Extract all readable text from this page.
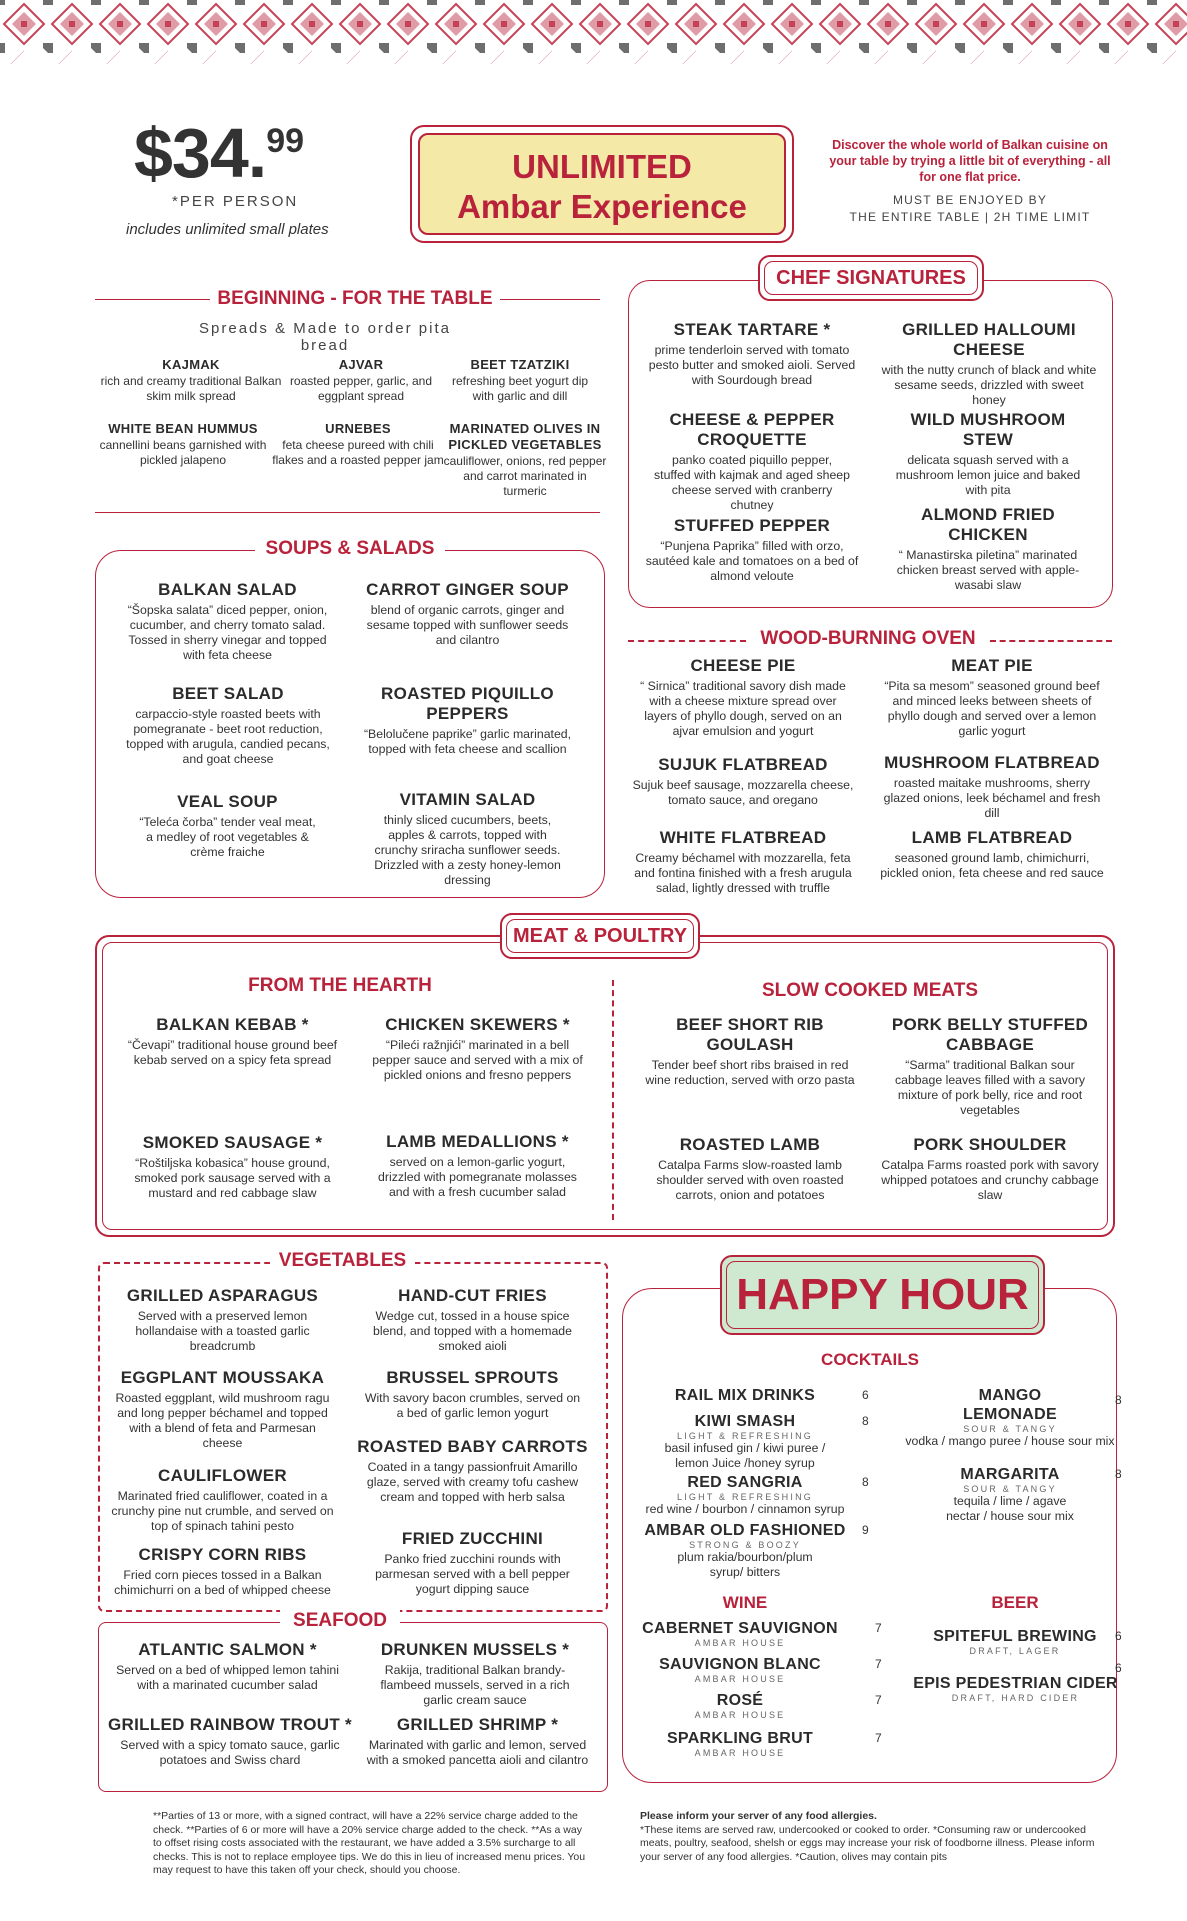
$34.99
*PER PERSON
includes unlimited small plates
UNLIMITED
Ambar Experience
Discover the whole world of Balkan cuisine on your table by trying a little bit of everything - all for one flat price.
MUST BE ENJOYED BY
THE ENTIRE TABLE | 2H TIME LIMIT
BEGINNING - FOR THE TABLE
Spreads & Made to order pita bread
KAJMAK
rich and creamy traditional Balkan skim milk spread
AJVAR
roasted pepper, garlic, and eggplant spread
BEET TZATZIKI
refreshing beet yogurt dip with garlic and dill
WHITE BEAN HUMMUS
cannellini beans garnished with pickled jalapeno
URNEBES
feta cheese pureed with chili flakes and a roasted pepper jam
MARINATED OLIVES IN PICKLED VEGETABLES
cauliflower, onions, red pepper and carrot marinated in turmeric
CHEF SIGNATURES
STEAK TARTARE *
prime tenderloin served with tomato pesto butter and smoked aioli. Served with Sourdough bread
GRILLED HALLOUMI CHEESE
with the nutty crunch of black and white sesame seeds, drizzled with sweet honey
CHEESE & PEPPER CROQUETTE
panko coated piquillo pepper, stuffed with kajmak and aged sheep cheese served with cranberry chutney
WILD MUSHROOM STEW
delicata squash served with a mushroom lemon juice and baked with pita
STUFFED PEPPER
“Punjena Paprika” filled with orzo, sautéed kale and tomatoes on a bed of almond veloute
ALMOND FRIED CHICKEN
“ Manastirska piletina” marinated chicken breast served with apple-wasabi slaw
SOUPS & SALADS
BALKAN SALAD
“Šopska salata” diced pepper, onion, cucumber, and cherry tomato salad. Tossed in sherry vinegar and topped with feta cheese
CARROT GINGER SOUP
blend of organic carrots, ginger and sesame topped with sunflower seeds and cilantro
BEET SALAD
carpaccio-style roasted beets with pomegranate - beet root reduction, topped with arugula, candied pecans, and goat cheese
ROASTED PIQUILLO PEPPERS
“Belolučene paprike” garlic marinated, topped with feta cheese and scallion
VEAL SOUP
“Teleća čorba” tender veal meat, a medley of root vegetables & crème fraiche
VITAMIN SALAD
thinly sliced cucumbers, beets, apples & carrots, topped with crunchy sriracha sunflower seeds. Drizzled with a zesty honey-lemon dressing
WOOD-BURNING OVEN
CHEESE PIE
“ Sirnica” traditional savory dish made with a cheese mixture spread over layers of phyllo dough, served on an ajvar emulsion and yogurt
MEAT PIE
“Pita sa mesom” seasoned ground beef and minced leeks between sheets of phyllo dough and served over a lemon garlic yogurt
SUJUK FLATBREAD
Sujuk beef sausage, mozzarella cheese, tomato sauce, and oregano
MUSHROOM FLATBREAD
roasted maitake mushrooms, sherry glazed onions, leek béchamel and fresh dill
WHITE FLATBREAD
Creamy béchamel with mozzarella, feta and fontina finished with a fresh arugula salad, lightly dressed with truffle
LAMB FLATBREAD
seasoned ground lamb, chimichurri, pickled onion, feta cheese and red sauce
MEAT & POULTRY
FROM THE HEARTH	SLOW COOKED MEATS
BALKAN KEBAB *
“Čevapi” traditional house ground beef kebab served on a spicy feta spread
CHICKEN SKEWERS *
“Pileći ražnjići” marinated in a bell pepper sauce and served with a mix of pickled onions and fresno peppers
SMOKED SAUSAGE *
“Roštiljska kobasica” house ground, smoked pork sausage served with a mustard and red cabbage slaw
LAMB MEDALLIONS *
served on a lemon-garlic yogurt, drizzled with pomegranate molasses and with a fresh cucumber salad
BEEF SHORT RIB GOULASH
Tender beef short ribs braised in red wine reduction, served with orzo pasta
PORK BELLY STUFFED CABBAGE
“Sarma” traditional Balkan sour cabbage leaves filled with a savory mixture of pork belly, rice and root vegetables
ROASTED LAMB
Catalpa Farms slow-roasted lamb shoulder served with oven roasted carrots, onion and potatoes
PORK SHOULDER
Catalpa Farms roasted pork with savory whipped potatoes and crunchy cabbage slaw
VEGETABLES
GRILLED ASPARAGUS
Served with a preserved lemon hollandaise with a toasted garlic breadcrumb
HAND-CUT FRIES
Wedge cut, tossed in a house spice blend, and topped with a homemade smoked aioli
EGGPLANT MOUSSAKA
Roasted eggplant, wild mushroom ragu and long pepper béchamel and topped with a blend of feta and Parmesan cheese
BRUSSEL SPROUTS
With savory bacon crumbles, served on a bed of garlic lemon yogurt
ROASTED BABY CARROTS
Coated in a tangy passionfruit Amarillo glaze, served with creamy tofu cashew cream and topped with herb salsa
CAULIFLOWER
Marinated fried cauliflower, coated in a crunchy pine nut crumble, and served on top of spinach tahini pesto
CRISPY CORN RIBS
Fried corn pieces tossed in a Balkan chimichurri on a bed of whipped cheese
FRIED ZUCCHINI
Panko fried zucchini rounds with parmesan served with a bell pepper yogurt dipping sauce
SEAFOOD
ATLANTIC SALMON *
Served on a bed of whipped lemon tahini with a marinated cucumber salad
DRUNKEN MUSSELS *
Rakija, traditional Balkan brandy-flambeed mussels, served in a rich garlic cream sauce
GRILLED RAINBOW TROUT *
Served with a spicy tomato sauce, garlic potatoes and Swiss chard
GRILLED SHRIMP *
Marinated with garlic and lemon, served with a smoked pancetta aioli and cilantro
HAPPY HOUR
COCKTAILS
RAIL MIX DRINKS	6
KIWI SMASH
LIGHT & REFRESHING
basil infused gin / kiwi puree / lemon Juice /honey syrup
8
RED SANGRIA
LIGHT & REFRESHING
red wine / bourbon / cinnamon syrup
8
AMBAR OLD FASHIONED
STRONG & BOOZY
plum rakia/bourbon/plum syrup/ bitters
9
MANGO LEMONADE
SOUR & TANGY
vodka / mango puree / house sour mix
8
MARGARITA
SOUR & TANGY
tequila / lime / agave nectar / house sour mix
8
WINE
CABERNET SAUVIGNON
AMBAR HOUSE
7
SAUVIGNON BLANC
AMBAR HOUSE
7
ROSÉ
AMBAR HOUSE
7
SPARKLING BRUT
AMBAR HOUSE
7
BEER
SPITEFUL BREWING
DRAFT, LAGER
6
EPIS PEDESTRIAN CIDER
DRAFT, HARD CIDER
6
**Parties of 13 or more, with a signed contract, will have a 22% service charge added to the check. **Parties of 6 or more will have a 20% service charge added to the check. **As a way to offset rising costs associated with the restaurant, we have added a 3.5% surcharge to all checks. This is not to replace employee tips. We do this in lieu of increased menu prices. You may request to have this taken off your check, should you choose.
Please inform your server of any food allergies.
*These items are served raw, undercooked or cooked to order. *Consuming raw or undercooked meats, poultry, seafood, shelsh or eggs may increase your risk of foodborne illness. Please inform your server of any food allergies. *Caution, olives may contain pits
